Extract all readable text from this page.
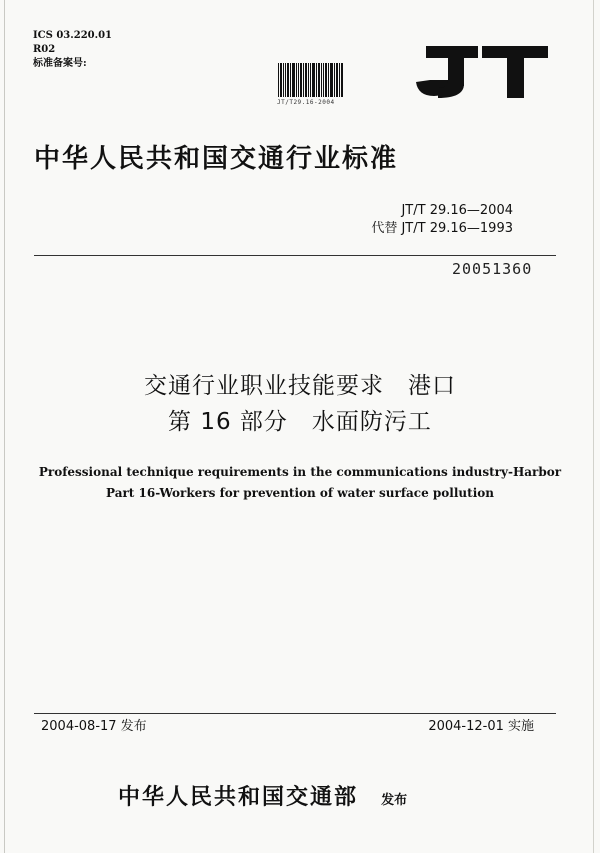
ICS 03.220.01
R02
标准备案号:
JT/T29.16-2004
中华人民共和国交通行业标准
JT/T 29.16—2004
代替 JT/T 29.16—1993
20051360
交通行业职业技能要求　港口
第 16 部分　水面防污工
Professional technique requirements in the communications industry-Harbor
Part 16-Workers for prevention of water surface pollution
2004-08-17 发布	2004-12-01 实施
中华人民共和国交通部 发布
